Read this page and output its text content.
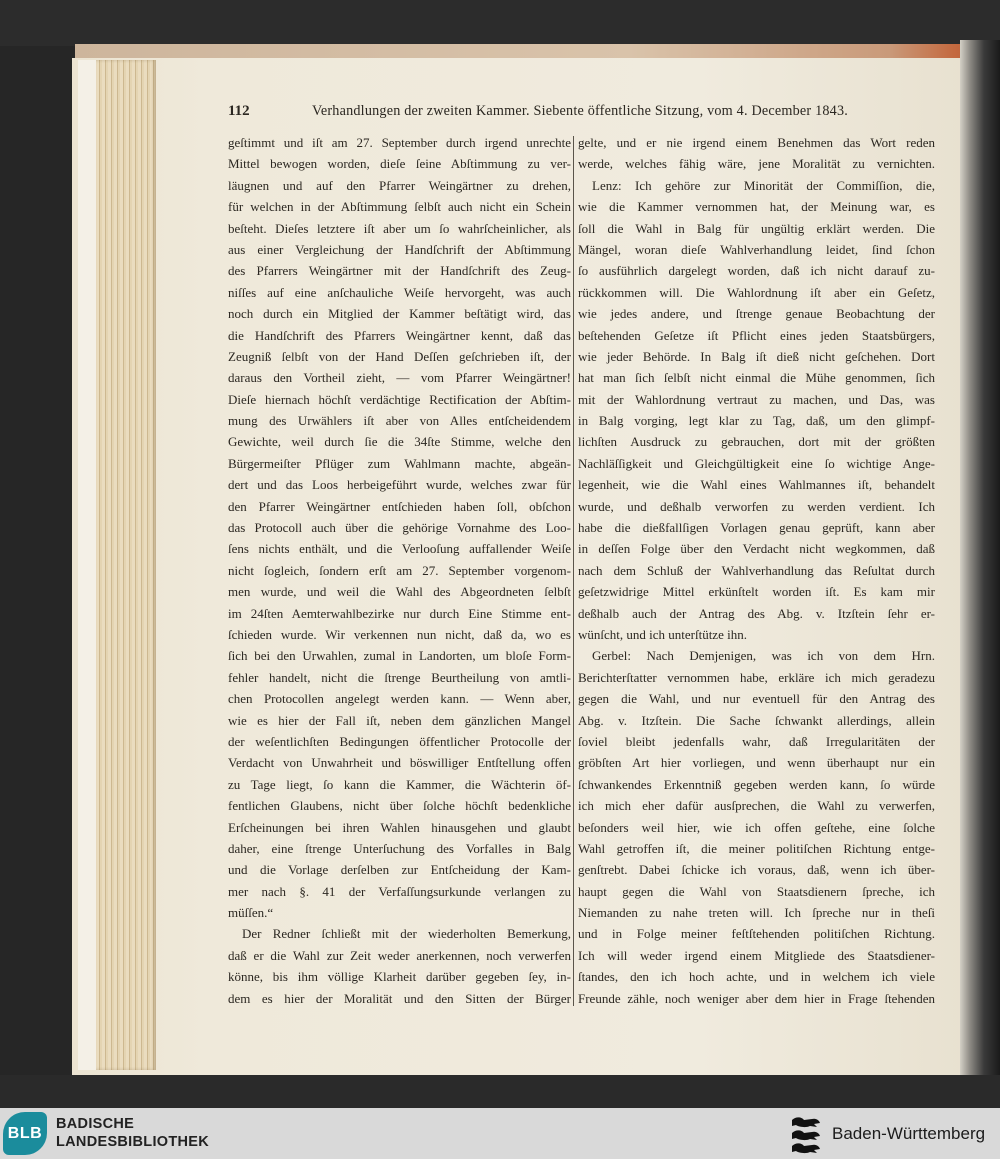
112	Verhandlungen der zweiten Kammer. Siebente öffentliche Sitzung, vom 4. December 1843.
geſtimmt und iſt am 27. September durch irgend unrechte
Mittel bewogen worden, dieſe ſeine Abſtimmung zu ver-
läugnen und auf den Pfarrer Weingärtner zu drehen,
für welchen in der Abſtimmung ſelbſt auch nicht ein Schein
beſteht. Dieſes letztere iſt aber um ſo wahrſcheinlicher, als
aus einer Vergleichung der Handſchrift der Abſtimmung
des Pfarrers Weingärtner mit der Handſchrift des Zeug-
niſſes auf eine anſchauliche Weiſe hervorgeht, was auch
noch durch ein Mitglied der Kammer beſtätigt wird, das
die Handſchrift des Pfarrers Weingärtner kennt, daß das
Zeugniß ſelbſt von der Hand Deſſen geſchrieben iſt, der
daraus den Vortheil zieht, — vom Pfarrer Weingärtner!
Dieſe hiernach höchſt verdächtige Rectification der Abſtim-
mung des Urwählers iſt aber von Alles entſcheidendem
Gewichte, weil durch ſie die 34ſte Stimme, welche den
Bürgermeiſter Pflüger zum Wahlmann machte, abgeän-
dert und das Loos herbeigeführt wurde, welches zwar für
den Pfarrer Weingärtner entſchieden haben ſoll, obſchon
das Protocoll auch über die gehörige Vornahme des Loo-
ſens nichts enthält, und die Verlooſung auffallender Weiſe
nicht ſogleich, ſondern erſt am 27. September vorgenom-
men wurde, und weil die Wahl des Abgeordneten ſelbſt
im 24ſten Aemterwahlbezirke nur durch Eine Stimme ent-
ſchieden wurde. Wir verkennen nun nicht, daß da, wo es
ſich bei den Urwahlen, zumal in Landorten, um bloſe Form-
fehler handelt, nicht die ſtrenge Beurtheilung von amtli-
chen Protocollen angelegt werden kann. — Wenn aber,
wie es hier der Fall iſt, neben dem gänzlichen Mangel
der weſentlichſten Bedingungen öffentlicher Protocolle der
Verdacht von Unwahrheit und böswilliger Entſtellung offen
zu Tage liegt, ſo kann die Kammer, die Wächterin öf-
fentlichen Glaubens, nicht über ſolche höchſt bedenkliche
Erſcheinungen bei ihren Wahlen hinausgehen und glaubt
daher, eine ſtrenge Unterſuchung des Vorfalles in Balg
und die Vorlage derſelben zur Entſcheidung der Kam-
mer nach §. 41 der Verfaſſungsurkunde verlangen zu
müſſen.“
Der Redner ſchließt mit der wiederholten Bemerkung,
daß er die Wahl zur Zeit weder anerkennen, noch verwerfen
könne, bis ihm völlige Klarheit darüber gegeben ſey, in-
dem es hier der Moralität und den Sitten der Bürger
gelte, und er nie irgend einem Benehmen das Wort reden
werde, welches fähig wäre, jene Moralität zu vernichten.
Lenz: Ich gehöre zur Minorität der Commiſſion, die,
wie die Kammer vernommen hat, der Meinung war, es
ſoll die Wahl in Balg für ungültig erklärt werden. Die
Mängel, woran dieſe Wahlverhandlung leidet, ſind ſchon
ſo ausführlich dargelegt worden, daß ich nicht darauf zu-
rückkommen will. Die Wahlordnung iſt aber ein Geſetz,
wie jedes andere, und ſtrenge genaue Beobachtung der
beſtehenden Geſetze iſt Pflicht eines jeden Staatsbürgers,
wie jeder Behörde. In Balg iſt dieß nicht geſchehen. Dort
hat man ſich ſelbſt nicht einmal die Mühe genommen, ſich
mit der Wahlordnung vertraut zu machen, und Das, was
in Balg vorging, legt klar zu Tag, daß, um den glimpf-
lichſten Ausdruck zu gebrauchen, dort mit der größten
Nachläſſigkeit und Gleichgültigkeit eine ſo wichtige Ange-
legenheit, wie die Wahl eines Wahlmannes iſt, behandelt
wurde, und deßhalb verworfen zu werden verdient. Ich
habe die dießfallſigen Vorlagen genau geprüft, kann aber
in deſſen Folge über den Verdacht nicht wegkommen, daß
nach dem Schluß der Wahlverhandlung das Reſultat durch
geſetzwidrige Mittel erkünſtelt worden iſt. Es kam mir
deßhalb auch der Antrag des Abg. v. Itzſtein ſehr er-
wünſcht, und ich unterſtütze ihn.
Gerbel: Nach Demjenigen, was ich von dem Hrn.
Berichterſtatter vernommen habe, erkläre ich mich geradezu
gegen die Wahl, und nur eventuell für den Antrag des
Abg. v. Itzſtein. Die Sache ſchwankt allerdings, allein
ſoviel bleibt jedenfalls wahr, daß Irregularitäten der
gröbſten Art hier vorliegen, und wenn überhaupt nur ein
ſchwankendes Erkenntniß gegeben werden kann, ſo würde
ich mich eher dafür ausſprechen, die Wahl zu verwerfen,
beſonders weil hier, wie ich offen geſtehe, eine ſolche
Wahl getroffen iſt, die meiner politiſchen Richtung entge-
genſtrebt. Dabei ſchicke ich voraus, daß, wenn ich über-
haupt gegen die Wahl von Staatsdienern ſpreche, ich
Niemanden zu nahe treten will. Ich ſpreche nur in theſi
und in Folge meiner feſtſtehenden politiſchen Richtung.
Ich will weder irgend einem Mitgliede des Staatsdiener-
ſtandes, den ich hoch achte, und in welchem ich viele
Freunde zähle, noch weniger aber dem hier in Frage ſtehenden
BLB
BADISCHE
LANDESBIBLIOTHEK	Baden-Württemberg
